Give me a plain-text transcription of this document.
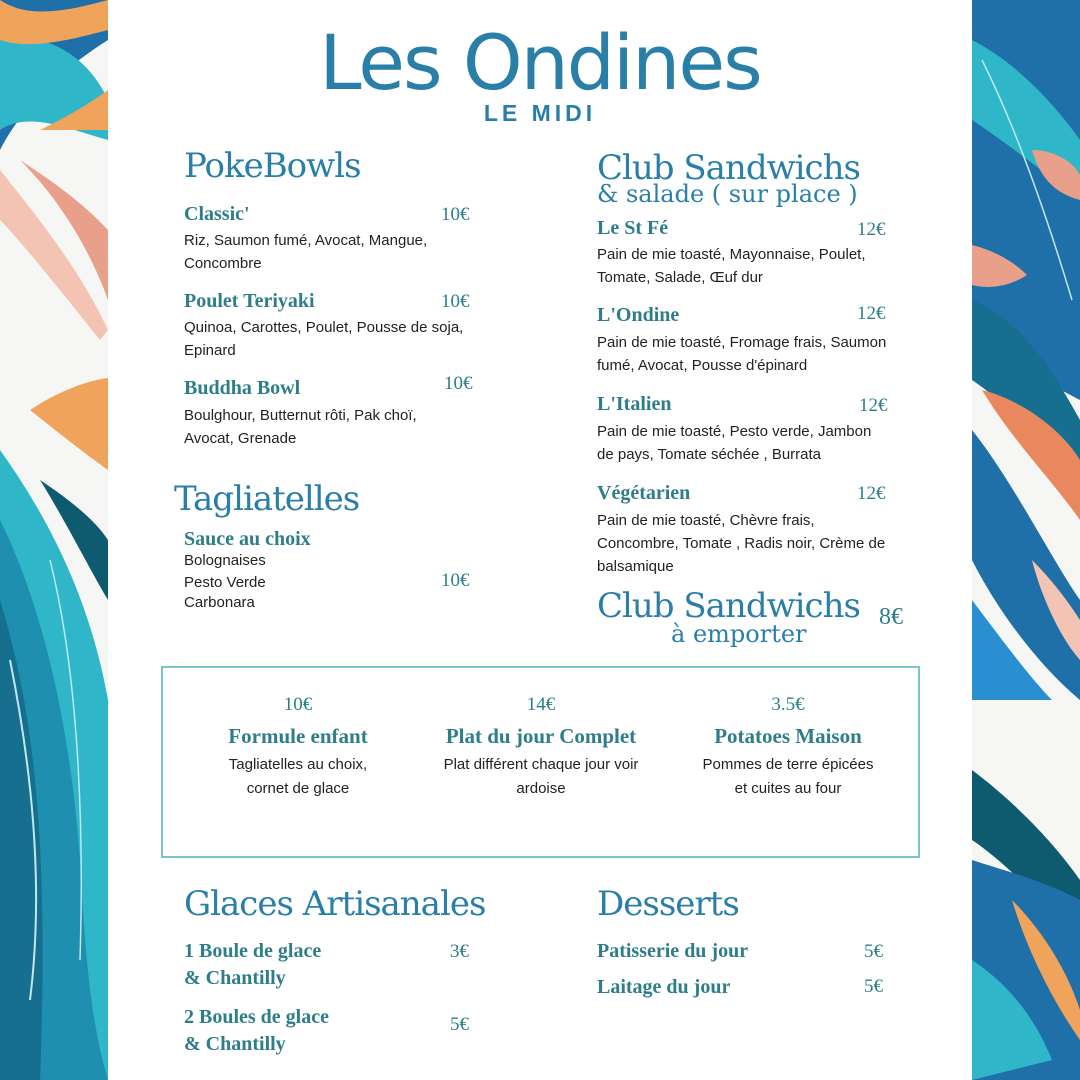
Les Ondines
LE MIDI
PokeBowls
Classic'	10€
Riz, Saumon fumé, Avocat, Mangue, Concombre
Poulet Teriyaki	10€
Quinoa, Carottes, Poulet, Pousse de soja, Epinard
Buddha Bowl	10€
Boulghour, Butternut rôti, Pak choï, Avocat, Grenade
Tagliatelles
Sauce au choix
Bolognaises
Pesto Verde
Carbonara
10€
Club Sandwichs
& salade ( sur place )
Le St Fé	12€
Pain de mie toasté, Mayonnaise, Poulet, Tomate, Salade, Œuf dur
L'Ondine	12€
Pain de mie toasté, Fromage frais, Saumon fumé, Avocat, Pousse d'épinard
L'Italien	12€
Pain de mie toasté, Pesto verde, Jambon de pays, Tomate séchée , Burrata
Végétarien	12€
Pain de mie toasté, Chèvre frais, Concombre, Tomate , Radis noir, Crème de balsamique
Club Sandwichs
à emporter
8€
10€
Formule enfant
Tagliatelles au choix, cornet de glace
14€
Plat du jour Complet
Plat différent chaque jour voir ardoise
3.5€
Potatoes Maison
Pommes de terre épicées et cuites au four
Glaces Artisanales
1 Boule de glace
& Chantilly
3€
2 Boules de glace
& Chantilly
5€
Desserts
Patisserie du jour	5€
Laitage du jour	5€
